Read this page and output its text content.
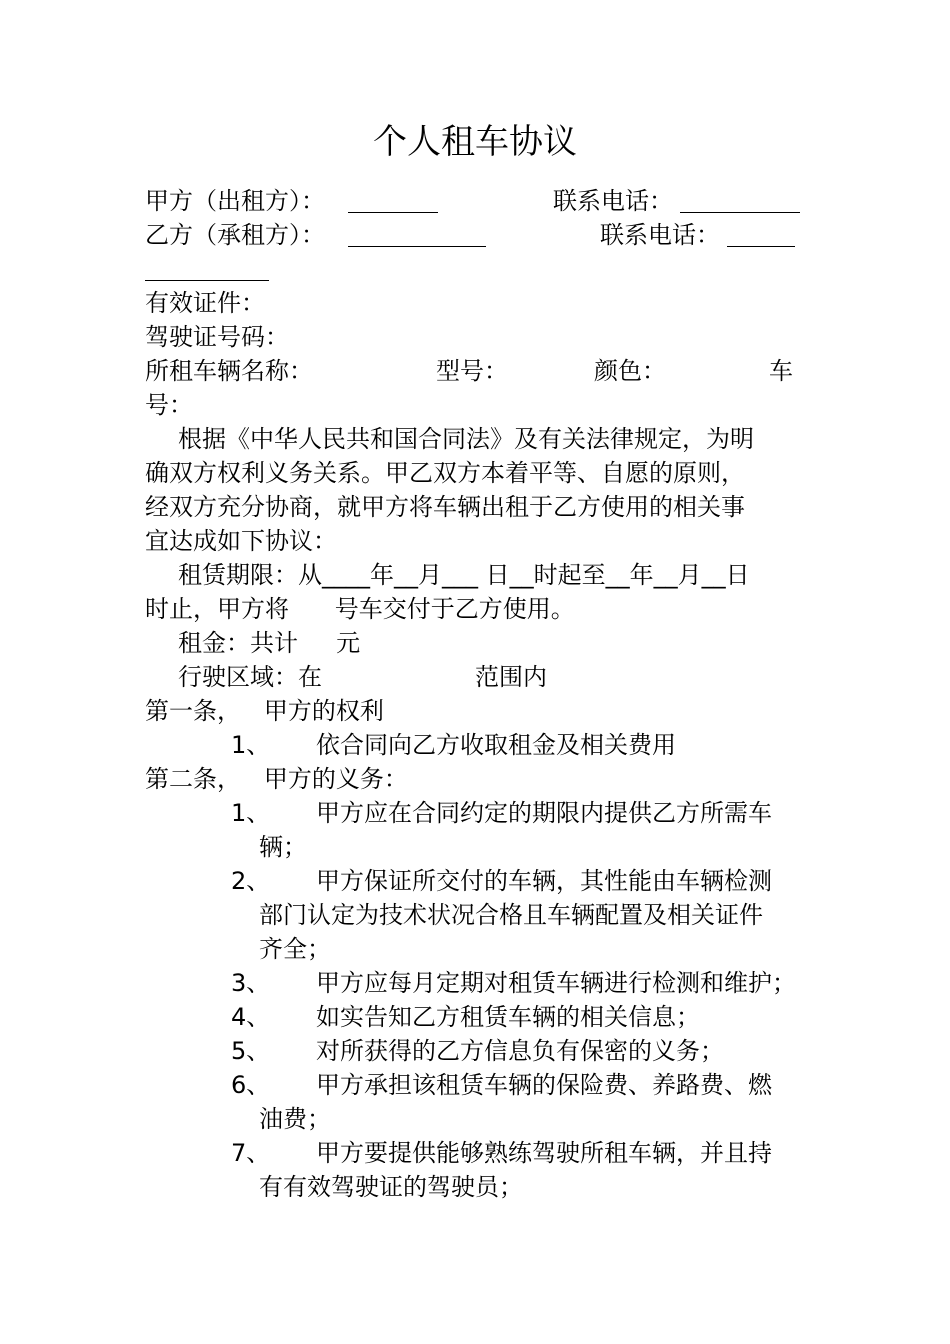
个人租车协议
甲方（出租方）：	联系电话：
乙方（承租方）：	联系电话：
有效证件：
驾驶证号码：
所租车辆名称：	型号：	颜色：	车
号：
根据《中华人民共和国合同法》及有关法律规定，为明
确双方权利义务关系。甲乙双方本着平等、自愿的原则，
经双方充分协商，就甲方将车辆出租于乙方使用的相关事
宜达成如下协议：
租赁期限：从____年__月___ 日__时起至__年__月__日
时止，甲方将      号车交付于乙方使用。
租金：共计     元
行驶区域：在	范围内
第一条，   甲方的权利
1、 依合同向乙方收取租金及相关费用
第二条，   甲方的义务：
1、 甲方应在合同约定的期限内提供乙方所需车
辆；
2、 甲方保证所交付的车辆，其性能由车辆检测
部门认定为技术状况合格且车辆配置及相关证件
齐全；
3、 甲方应每月定期对租赁车辆进行检测和维护；
4、 如实告知乙方租赁车辆的相关信息；
5、 对所获得的乙方信息负有保密的义务；
6、 甲方承担该租赁车辆的保险费、养路费、燃
油费；
7、 甲方要提供能够熟练驾驶所租车辆，并且持
有有效驾驶证的驾驶员；
